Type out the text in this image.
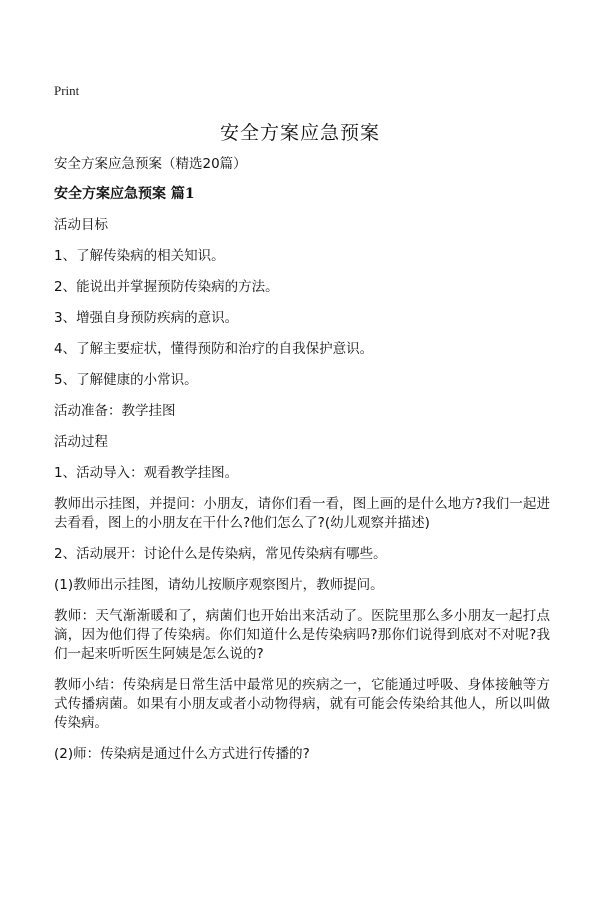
Print
安全方案应急预案

安全方案应急预案（精选20篇）

安全方案应急预案 篇1

活动目标

1、了解传染病的相关知识。

2、能说出并掌握预防传染病的方法。

3、增强自身预防疾病的意识。

4、了解主要症状，懂得预防和治疗的自我保护意识。

5、了解健康的小常识。

活动准备：教学挂图

活动过程

1、活动导入：观看教学挂图。

教师出示挂图，并提问：小朋友，请你们看一看，图上画的是什么地方?我们一起进去看看，图上的小朋友在干什么?他们怎么了?(幼儿观察并描述)

2、活动展开：讨论什么是传染病，常见传染病有哪些。

(1)教师出示挂图，请幼儿按顺序观察图片，教师提问。

教师：天气渐渐暖和了，病菌们也开始出来活动了。医院里那么多小朋友一起打点滴，因为他们得了传染病。你们知道什么是传染病吗?那你们说得到底对不对呢?我们一起来听听医生阿姨是怎么说的?

教师小结：传染病是日常生活中最常见的疾病之一，它能通过呼吸、身体接触等方式传播病菌。如果有小朋友或者小动物得病，就有可能会传染给其他人，所以叫做传染病。

(2)师：传染病是通过什么方式进行传播的?
